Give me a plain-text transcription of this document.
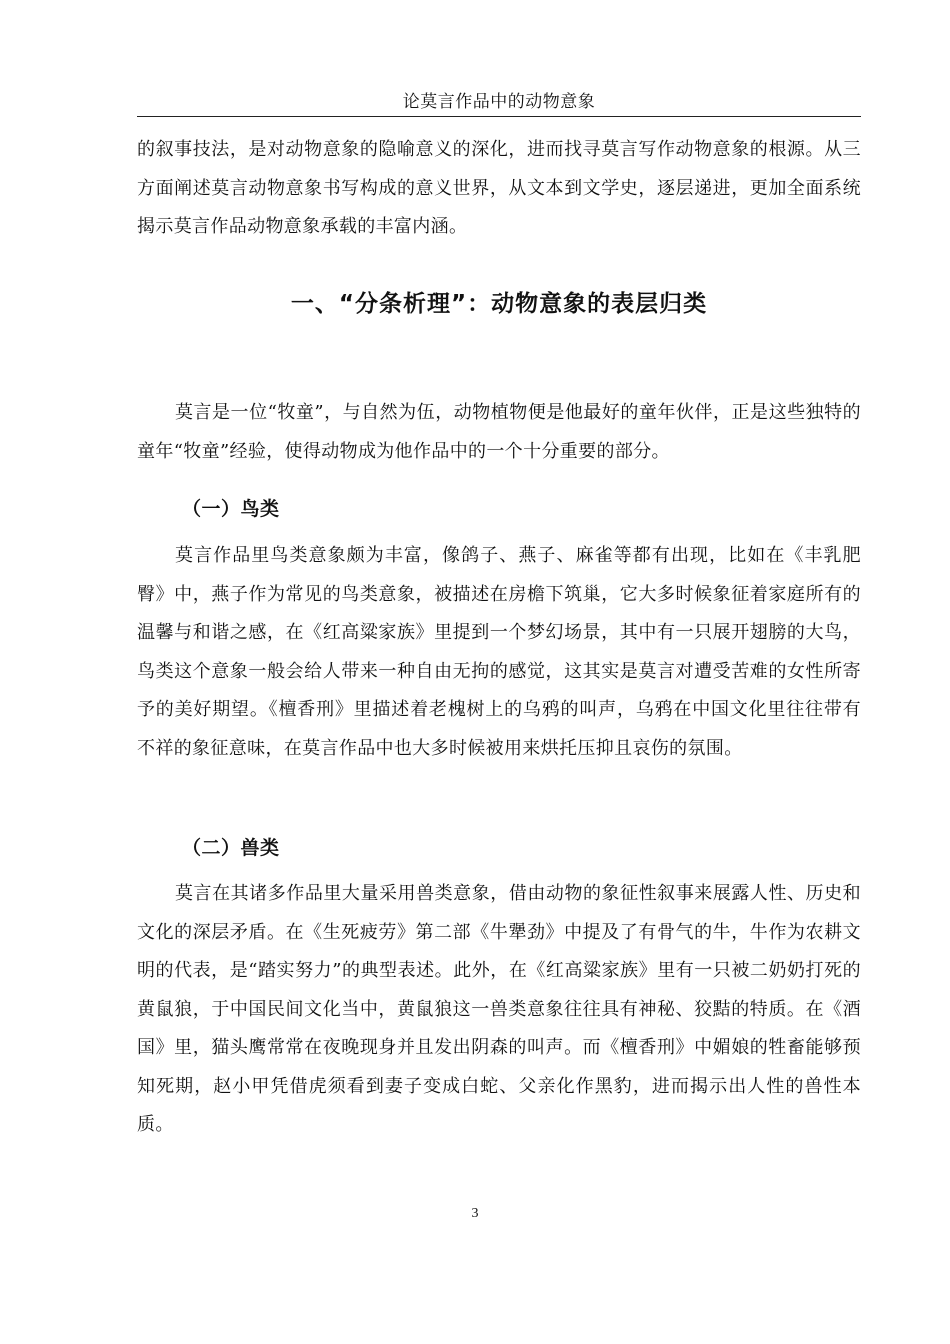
论莫言作品中的动物意象

的叙事技法，是对动物意象的隐喻意义的深化，进而找寻莫言写作动物意象的根源。从三方面阐述莫言动物意象书写构成的意义世界，从文本到文学史，逐层递进，更加全面系统揭示莫言作品动物意象承载的丰富内涵。

一、“分条析理”：动物意象的表层归类

莫言是一位“牧童”，与自然为伍，动物植物便是他最好的童年伙伴，正是这些独特的童年“牧童”经验，使得动物成为他作品中的一个十分重要的部分。

（一）鸟类

莫言作品里鸟类意象颇为丰富，像鸽子、燕子、麻雀等都有出现，比如在《丰乳肥臀》中，燕子作为常见的鸟类意象，被描述在房檐下筑巢，它大多时候象征着家庭所有的温馨与和谐之感，在《红高粱家族》里提到一个梦幻场景，其中有一只展开翅膀的大鸟，鸟类这个意象一般会给人带来一种自由无拘的感觉，这其实是莫言对遭受苦难的女性所寄予的美好期望。《檀香刑》里描述着老槐树上的乌鸦的叫声，乌鸦在中国文化里往往带有不祥的象征意味，在莫言作品中也大多时候被用来烘托压抑且哀伤的氛围。

（二）兽类

莫言在其诸多作品里大量采用兽类意象，借由动物的象征性叙事来展露人性、历史和文化的深层矛盾。在《生死疲劳》第二部《牛犟劲》中提及了有骨气的牛，牛作为农耕文明的代表，是“踏实努力”的典型表述。此外，在《红高粱家族》里有一只被二奶奶打死的黄鼠狼，于中国民间文化当中，黄鼠狼这一兽类意象往往具有神秘、狡黠的特质。在《酒国》里，猫头鹰常常在夜晚现身并且发出阴森的叫声。而《檀香刑》中媚娘的牲畜能够预知死期，赵小甲凭借虎须看到妻子变成白蛇、父亲化作黑豹，进而揭示出人性的兽性本质。

3
